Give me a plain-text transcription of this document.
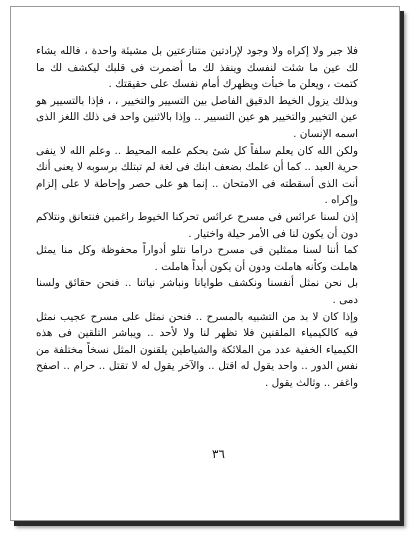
فلا جبر ولا إكراه ولا وجود لإرادتين متنازعتين بل مشيئة واحدة ، فالله يشاء لك عين ما شئت لنفسك وينفذ لك ما أضمرت فى قلبك ليكشف لك ما كتمت ، ويعلن ما خبأت ويظهرك أمام نفسك على حقيقتك .

وبذلك يزول الخيط الدقيق الفاصل بين التسيير والتخيير ، ، فإذا بالتسيير هو عين التخيير والتخيير هو عين التسيير .. وإذا بالاثنين واحد فى ذلك اللغز الذى اسمه الإنسان .

ولكن الله كان يعلم سلفاً كل شئ بحكم علمه المحيط .. وعلم الله لا ينفى حرية العبد .. كما أن علمك بضعف ابنك فى لغة لم تبتلك برسوبه لا يعنى أنك أنت الذى أسقطته فى الامتحان .. إنما هو على حصر وإحاطة لا على إلزام وإكراه .

إذن لسنا عرائس فى مسرح عرائس تحركنا الخيوط راغمين فنتعانق ونتلاكم دون أن يكون لنا فى الأمر حيلة واختيار .

كما أننا لسنا ممثلين فى مسرح دراما نتلو أدواراً محفوظة وكل منا يمثل هاملت وكأنه هاملت ودون أن يكون أبداً هاملت .

بل نحن نمثل أنفسنا ونكشف طوايانا ونباشر نياتنا .. فنحن حقائق ولسنا دمى .

وإذا كان لا بد من التشبيه بالمسرح .. فنحن نمثل على مسرح عجيب نمثل فيه كالكيمياء الملقنين فلا تظهر لنا ولا لأحد .. ويباشر التلقين فى هذه الكيمياء الخفية عدد من الملائكة والشياطين يلقنون المثل نسخاً مختلفة من نفس الدور .. واحد يقول له اقتل .. والآخر يقول له لا تقتل .. حرام .. اصفح واغفر .. وثالث يقول .

٣٦
